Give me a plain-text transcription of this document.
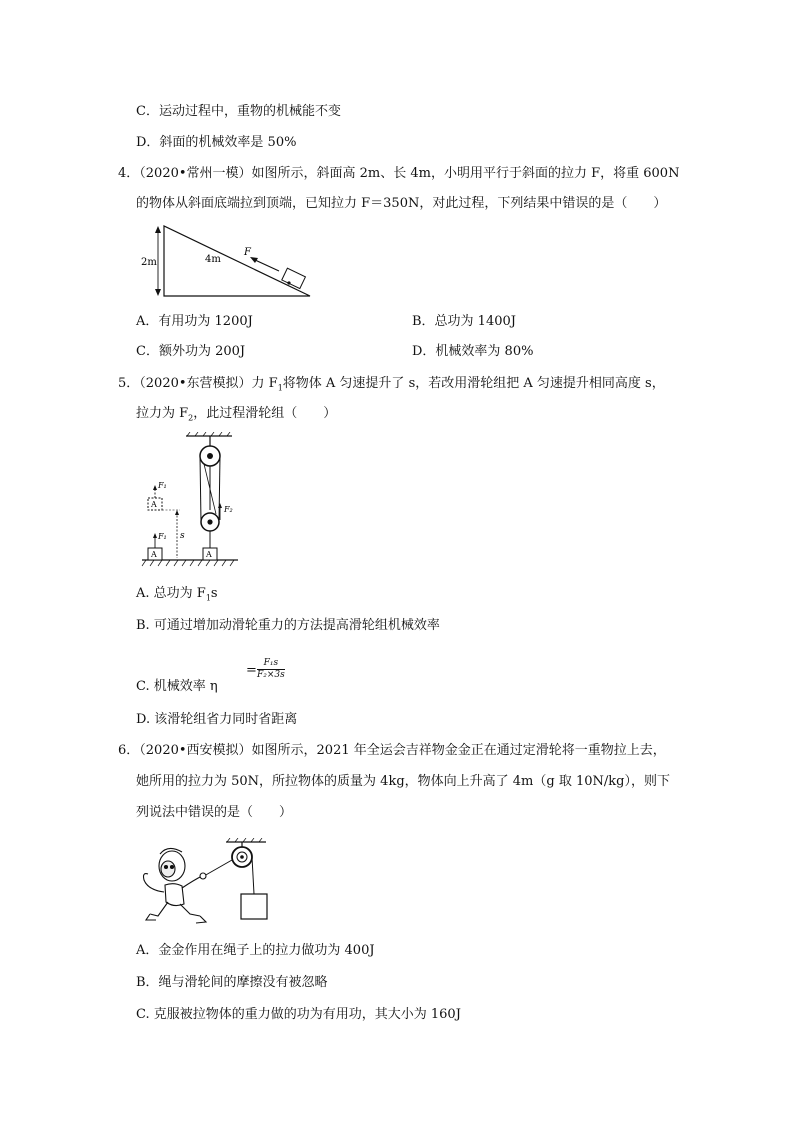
C．运动过程中，重物的机械能不变
D．斜面的机械效率是 50%
4．（2020•常州一模）如图所示，斜面高 2m、长 4m，小明用平行于斜面的拉力 F，将重 600N
的物体从斜面底端拉到顶端，已知拉力 F＝350N，对此过程，下列结果中错误的是（　　）
2m	4m
F
A．有用功为 1200J	B．总功为 1400J
C．额外功为 200J	D．机械效率为 80%
5．（2020•东营模拟）力 $F_1$将物体 A 匀速提升了 s，若改用滑轮组把 A 匀速提升相同高度 s，
拉力为 $F_2$，此过程滑轮组（　　）
F₂
A
A
F₁
A
F₁
s
A. 总功为 $F_1s$
B. 可通过增加动滑轮重力的方法提高滑轮组机械效率
C. 机械效率 η
= $\frac{\text{F₁s}}{\text{F₂×3s}}$
D. 该滑轮组省力同时省距离
6．（2020•西安模拟）如图所示，2021 年全运会吉祥物金金正在通过定滑轮将一重物拉上去，
她所用的拉力为 50N，所拉物体的质量为 4kg，物体向上升高了 4m（g 取 10N/kg），则下
列说法中错误的是（　　）
A．金金作用在绳子上的拉力做功为 400J
B．绳与滑轮间的摩擦没有被忽略
C. 克服被拉物体的重力做的功为有用功，其大小为 160J
